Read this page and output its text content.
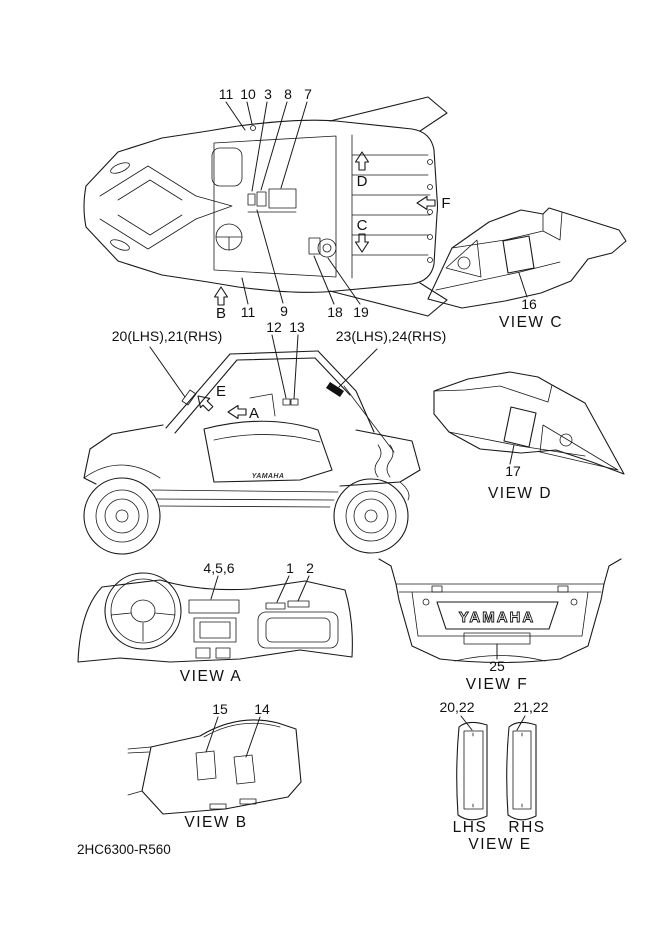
11 10 3 8 7
11 9	18 19
D
C
F
B
16
VIEW C
17
VIEW D
20(LHS),21(RHS)
12 13
23(LHS),24(RHS)
E
A
YAMAHA
4,5,6	1 2
VIEW A
YAMAHA
25
VIEW F
15 14
VIEW B
20,22	21,22
LHS RHS
VIEW E
2HC6300-R560
